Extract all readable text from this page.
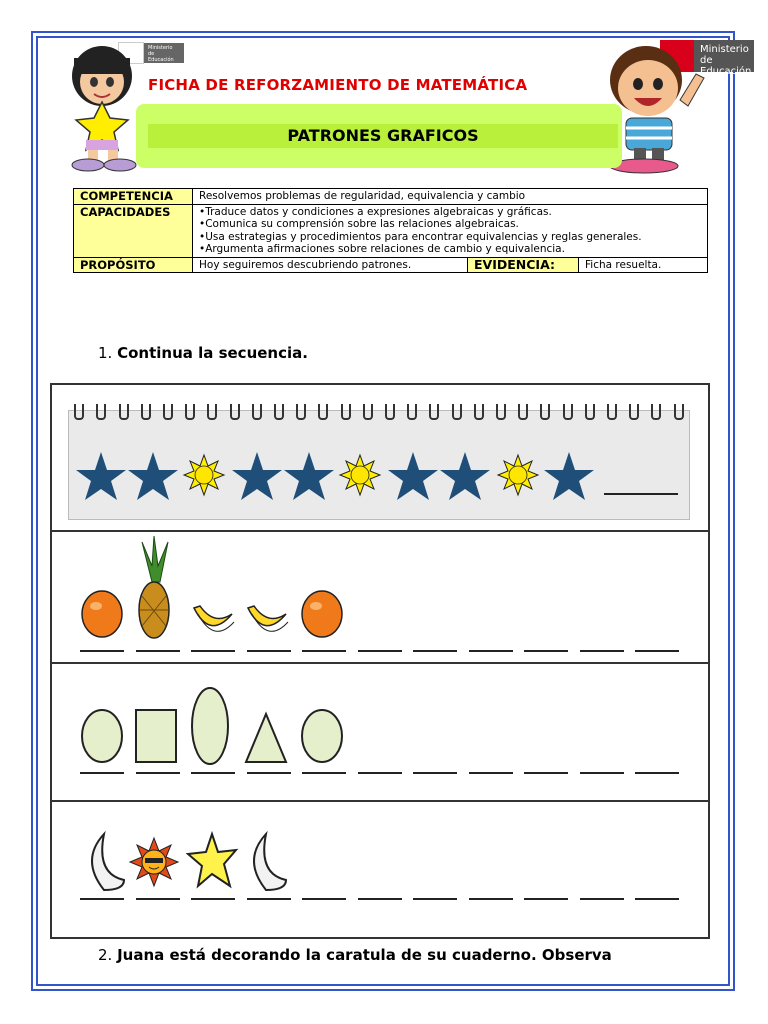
Ministerio de Educación
Ministerio de Educación
FICHA DE REFORZAMIENTO DE MATEMÁTICA
PATRONES GRAFICOS
COMPETENCIA	Resolvemos problemas de regularidad, equivalencia y cambio		
CAPACIDADES	•Traduce datos y condiciones a expresiones algebraicas y gráficas.
•Comunica su comprensión sobre las relaciones algebraicas.
•Usa estrategias y procedimientos para encontrar equivalencias y reglas generales.
•Argumenta afirmaciones sobre relaciones de cambio y equivalencia.		

PROPÓSITO	Hoy seguiremos descubriendo patrones.	EVIDENCIA:	Ficha resuelta.
1. Continua la secuencia.
2. Juana está decorando la caratula de su cuaderno. Observa
